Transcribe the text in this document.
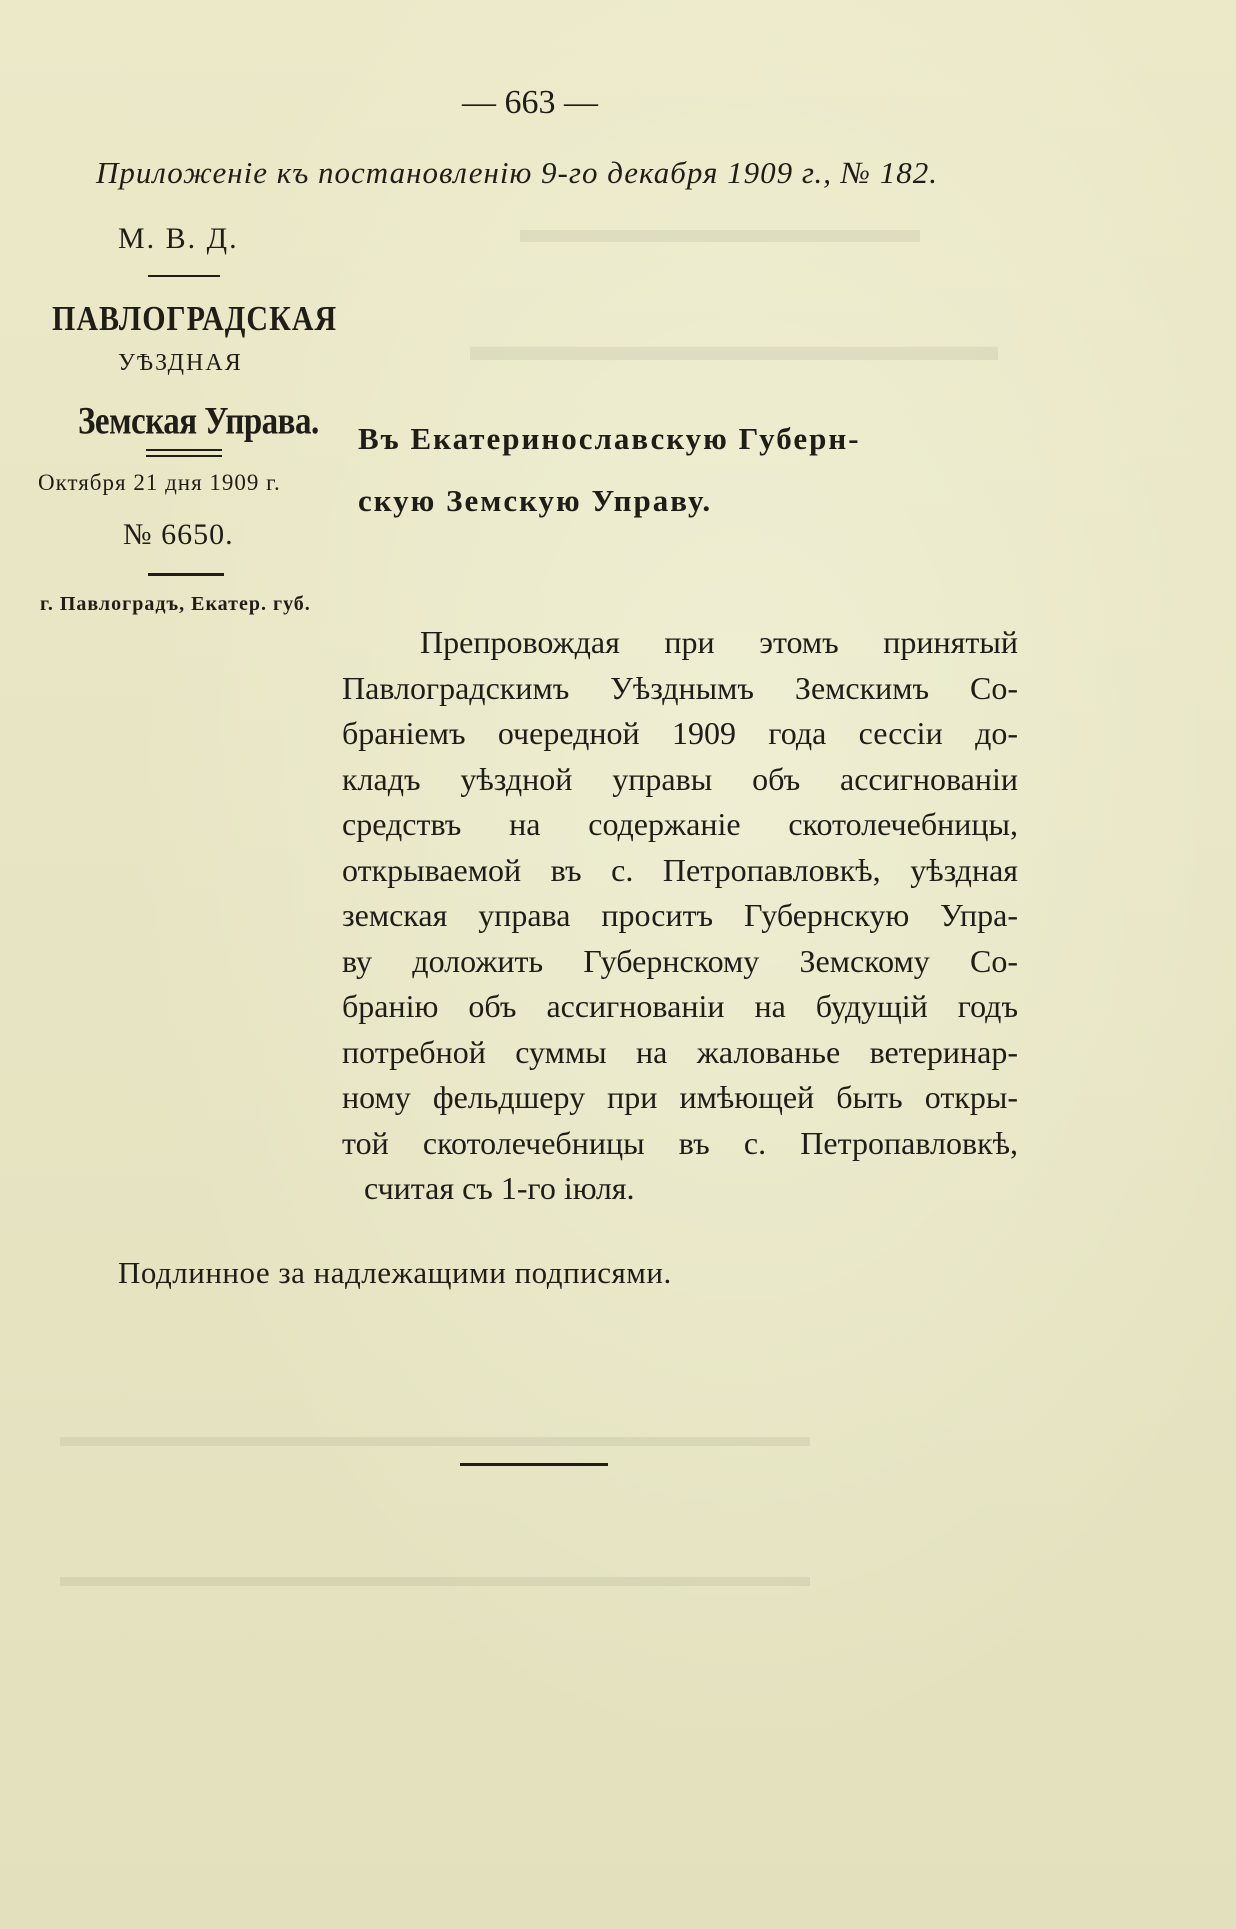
▬▬▬▬▬▬▬▬▬▬
▬▬▬▬▬▬▬▬▬▬▬▬
▬▬▬▬▬▬▬▬▬▬▬▬▬▬▬▬▬▬▬▬▬▬▬▬▬
▬▬▬▬▬▬▬▬▬▬▬▬▬▬▬▬▬▬▬▬▬▬▬▬▬
— 663 —
Приложенie къ постановленiю 9-го декабря 1909 г., № 182.
М. В. Д.
ПАВЛОГРАДСКАЯ
УѢЗДНАЯ
Земская Управа.
Октября 21 дня 1909 г.
№ 6650.
г. Павлоградъ, Екатер. губ.
Въ Екатеринославскую Губерн-
скую Земскую Управу.
Препровождая при этомъ принятый
Павлоградскимъ Уѣзднымъ Земскимъ Со-
бранiемъ очередной 1909 года сессiи до-
кладъ уѣздной управы объ ассигнованiи
средствъ на содержанiе скотолечебницы,
открываемой въ с. Петропавловкѣ, уѣздная
земская управа проситъ Губернскую Упра-
ву доложить Губернскому Земскому Со-
бранiю объ ассигнованiи на будущiй годъ
потребной суммы на жалованье ветеринар-
ному фельдшеру при имѣющей быть откры-
той скотолечебницы въ с. Петропавловкѣ,
считая съ 1-го iюля.
Подлинное за надлежащими подписями.
